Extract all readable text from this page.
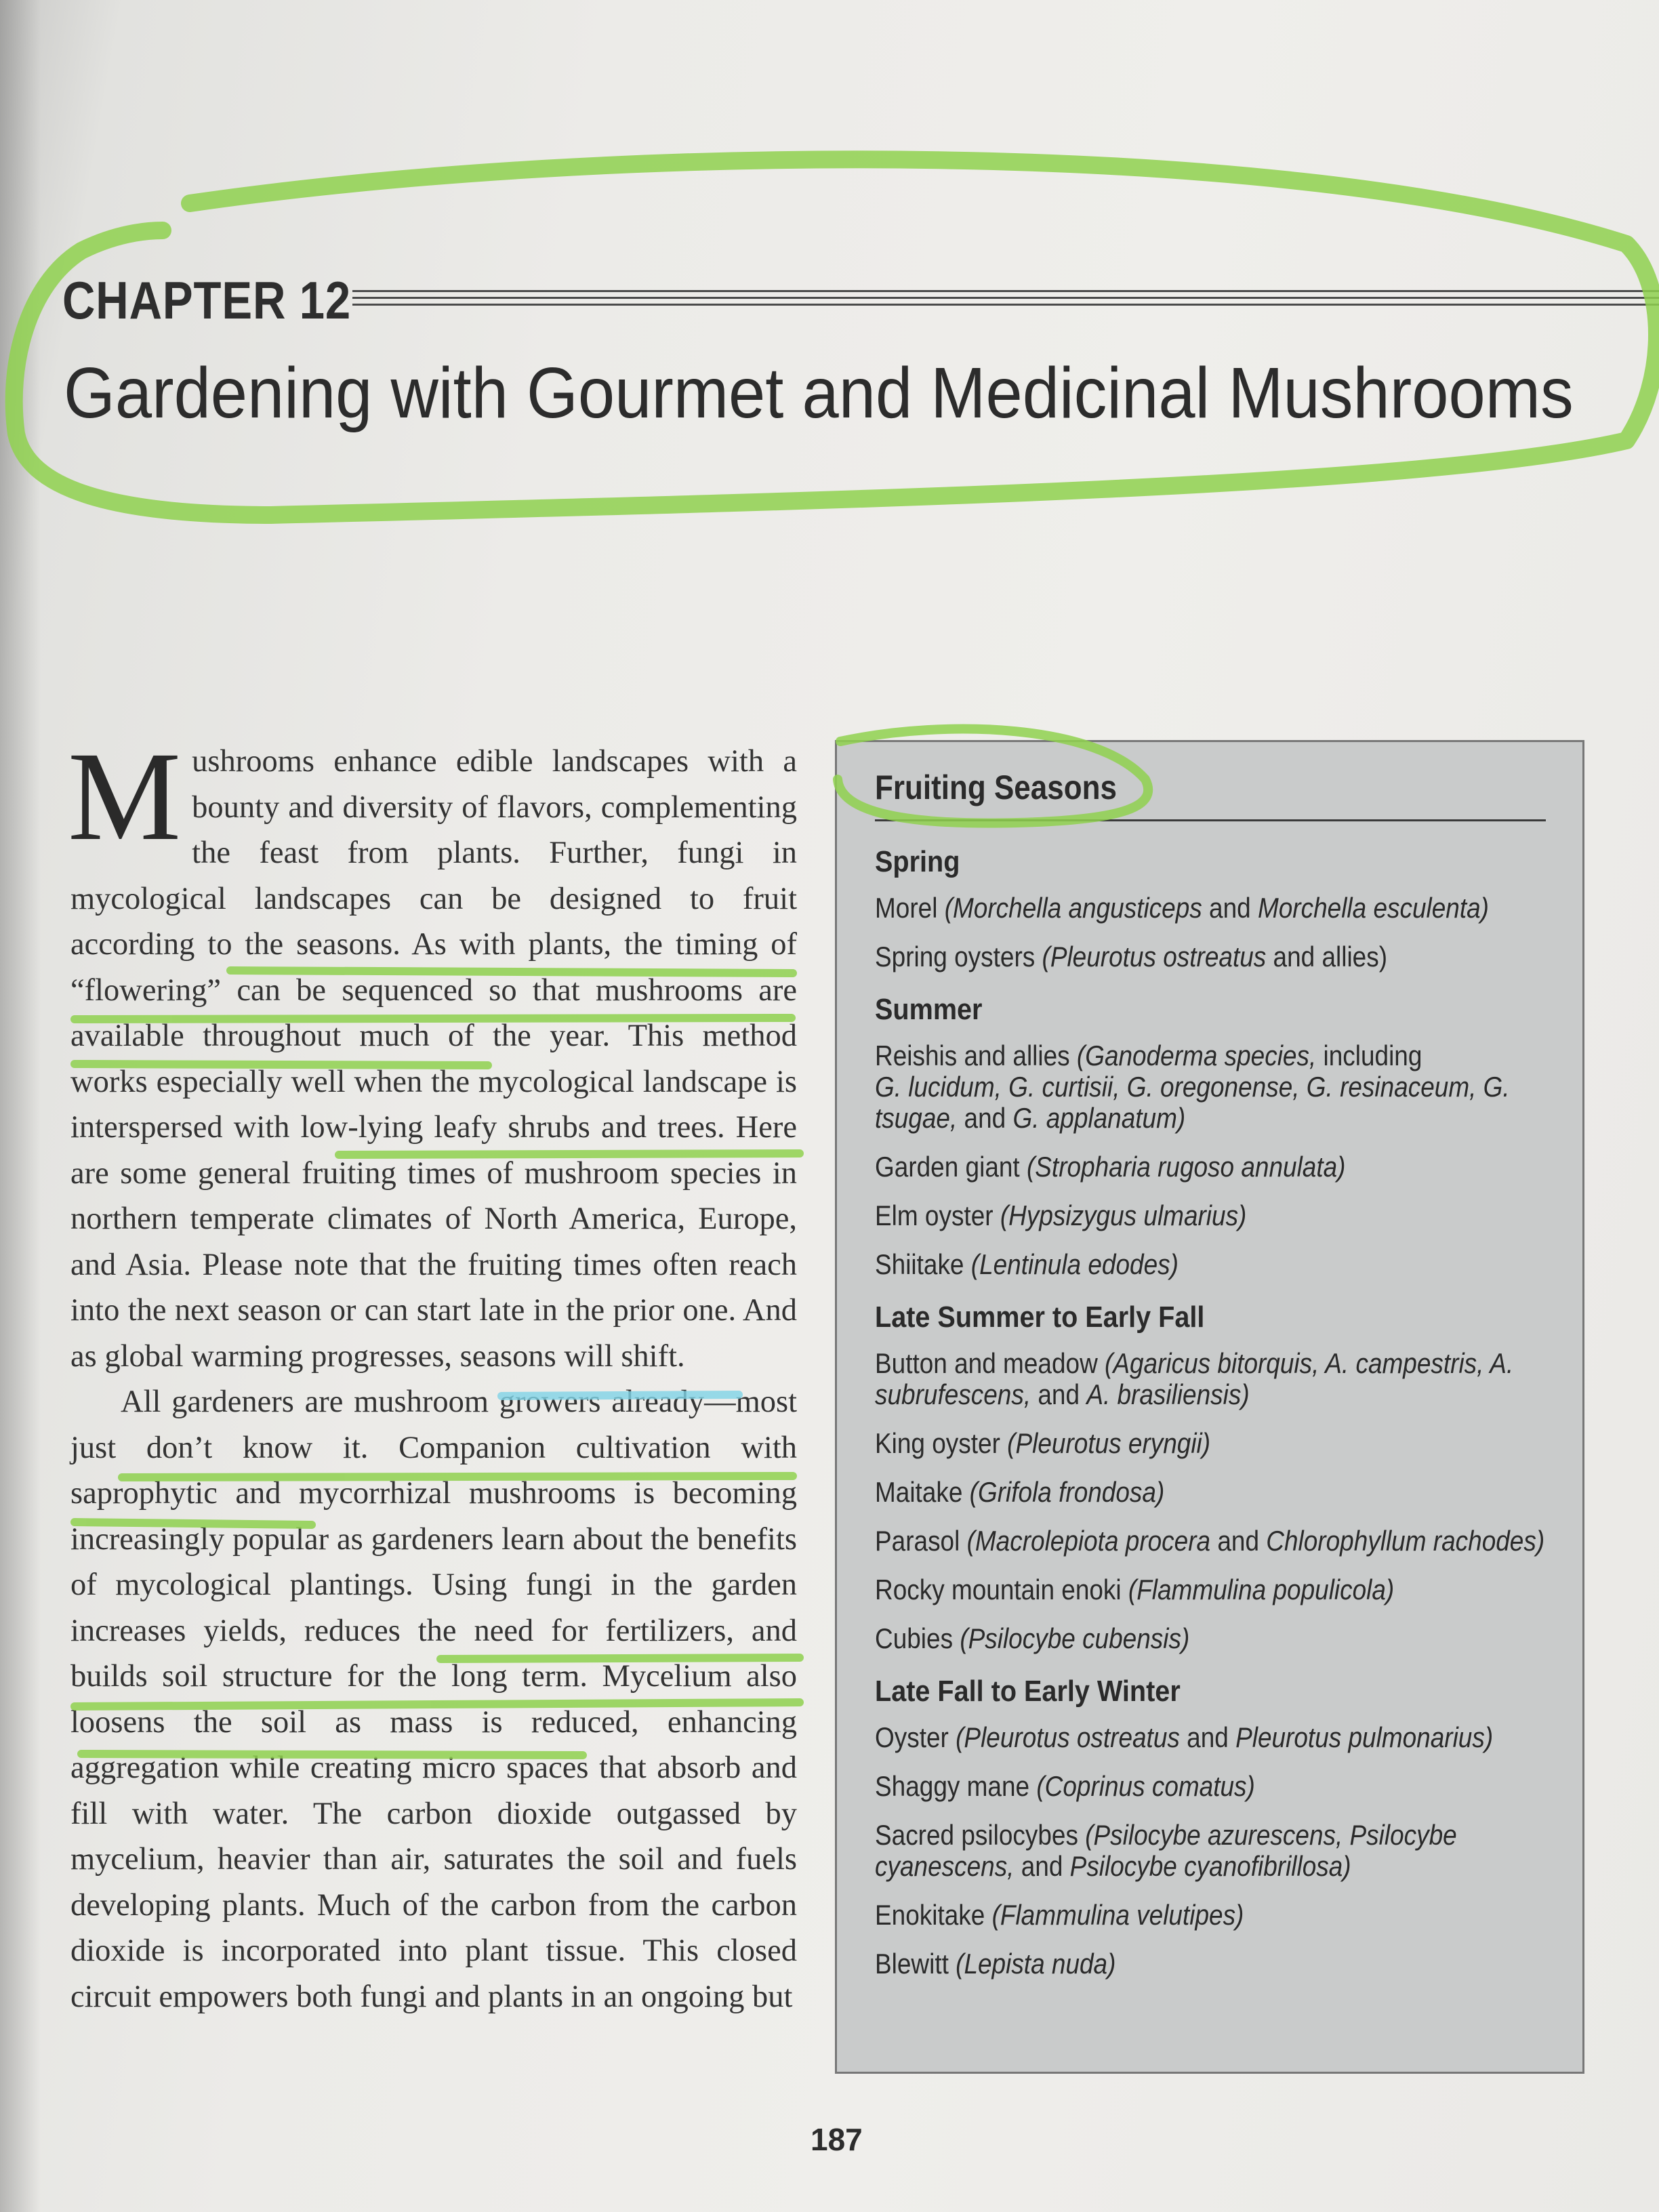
CHAPTER 12
Gardening with Gourmet and Medicinal Mushrooms

Mushrooms enhance edible landscapes with a bounty and diversity of flavors, complementing the feast from plants. Further, fungi in mycological landscapes can be designed to fruit according to the seasons. As with plants, the timing of “flowering” can be sequenced so that mushrooms are available throughout much of the year. This method works especially well when the mycological landscape is interspersed with low-lying leafy shrubs and trees. Here are some general fruiting times of mushroom species in northern temperate climates of North America, Europe, and Asia. Please note that the fruiting times often reach into the next season or can start late in the prior one. And as global warming progresses, seasons will shift.

All gardeners are mushroom growers already—most just don’t know it. Companion cultivation with saprophytic and mycorrhizal mushrooms is becoming increasingly popular as gardeners learn about the benefits of mycological plantings. Using fungi in the garden increases yields, reduces the need for fertilizers, and builds soil structure for the long term. Mycelium also loosens the soil as mass is reduced, enhancing aggregation while creating micro spaces that absorb and fill with water. The carbon dioxide outgassed by mycelium, heavier than air, saturates the soil and fuels developing plants. Much of the carbon from the carbon dioxide is incorporated into plant tissue. This closed circuit empowers both fungi and plants in an ongoing but

Fruiting Seasons
Spring
Morel (Morchella angusticeps and Morchella esculenta)
Spring oysters (Pleurotus ostreatus and allies)
Summer
Reishis and allies (Ganoderma species, including
G. lucidum, G. curtisii, G. oregonense, G. resinaceum, G. tsugae, and G. applanatum)
Garden giant (Stropharia rugoso annulata)
Elm oyster (Hypsizygus ulmarius)
Shiitake (Lentinula edodes)
Late Summer to Early Fall
Button and meadow (Agaricus bitorquis, A. campestris, A. subrufescens, and A. brasiliensis)
King oyster (Pleurotus eryngii)
Maitake (Grifola frondosa)
Parasol (Macrolepiota procera and Chlorophyllum rachodes)
Rocky mountain enoki (Flammulina populicola)
Cubies (Psilocybe cubensis)
Late Fall to Early Winter
Oyster (Pleurotus ostreatus and Pleurotus pulmonarius)
Shaggy mane (Coprinus comatus)
Sacred psilocybes (Psilocybe azurescens, Psilocybe cyanescens, and Psilocybe cyanofibrillosa)
Enokitake (Flammulina velutipes)
Blewitt (Lepista nuda)
187
